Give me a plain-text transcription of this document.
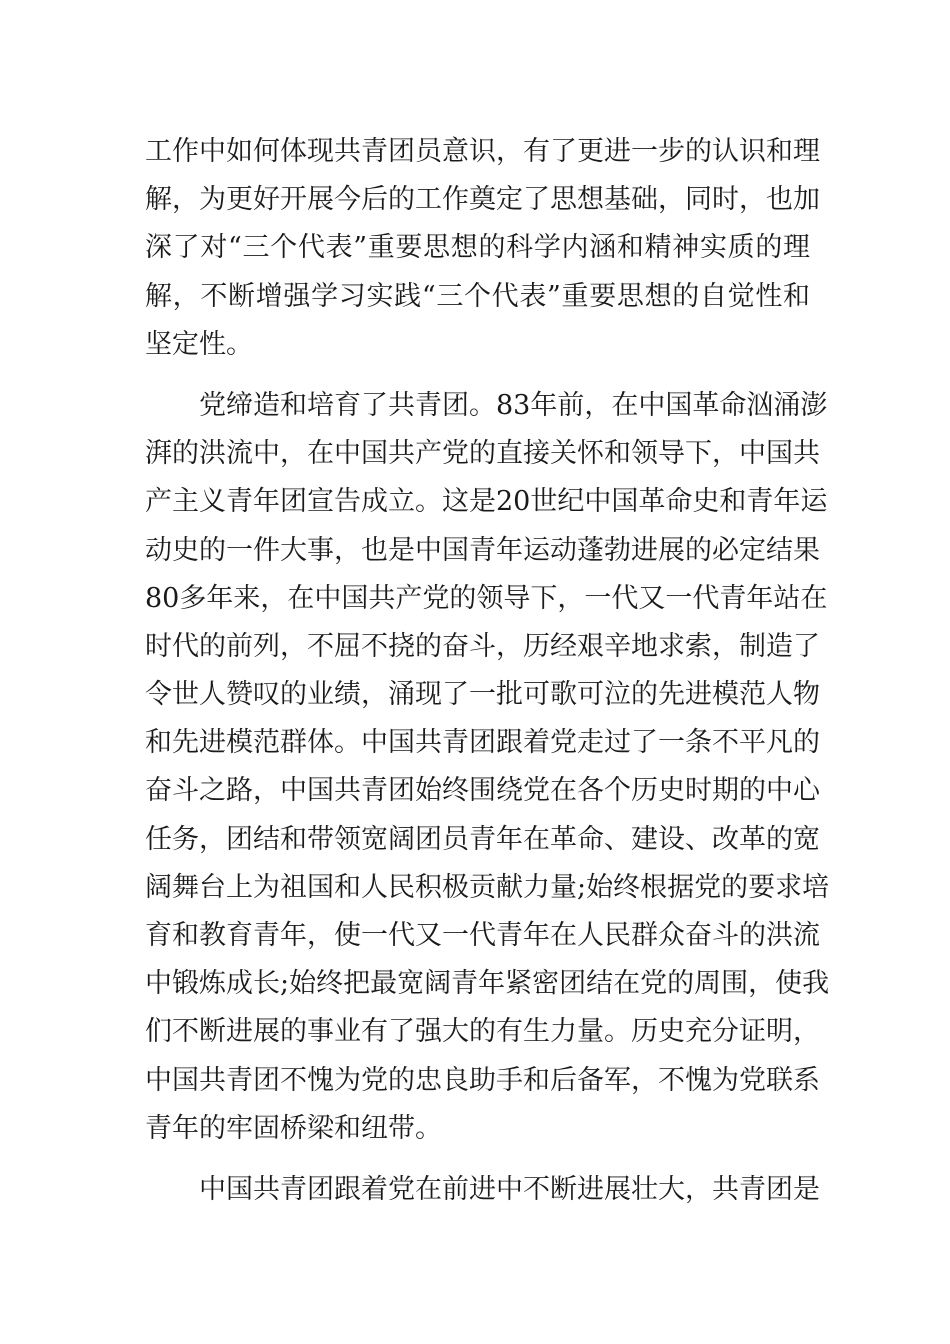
工作中如何体现共青团员意识，有了更进一步的认识和理
解，为更好开展今后的工作奠定了思想基础，同时，也加
深了对“三个代表”重要思想的科学内涵和精神实质的理
解，不断增强学习实践“三个代表”重要思想的自觉性和
坚定性。
党缔造和培育了共青团。83年前，在中国革命汹涌澎
湃的洪流中，在中国共产党的直接关怀和领导下，中国共
产主义青年团宣告成立。这是20世纪中国革命史和青年运
动史的一件大事，也是中国青年运动蓬勃进展的必定结果
80多年来，在中国共产党的领导下，一代又一代青年站在
时代的前列，不屈不挠的奋斗，历经艰辛地求索，制造了
令世人赞叹的业绩，涌现了一批可歌可泣的先进模范人物
和先进模范群体。中国共青团跟着党走过了一条不平凡的
奋斗之路，中国共青团始终围绕党在各个历史时期的中心
任务，团结和带领宽阔团员青年在革命、建设、改革的宽
阔舞台上为祖国和人民积极贡献力量;始终根据党的要求培
育和教育青年，使一代又一代青年在人民群众奋斗的洪流
中锻炼成长;始终把最宽阔青年紧密团结在党的周围，使我
们不断进展的事业有了强大的有生力量。历史充分证明，
中国共青团不愧为党的忠良助手和后备军，不愧为党联系
青年的牢固桥梁和纽带。
中国共青团跟着党在前进中不断进展壮大，共青团是
